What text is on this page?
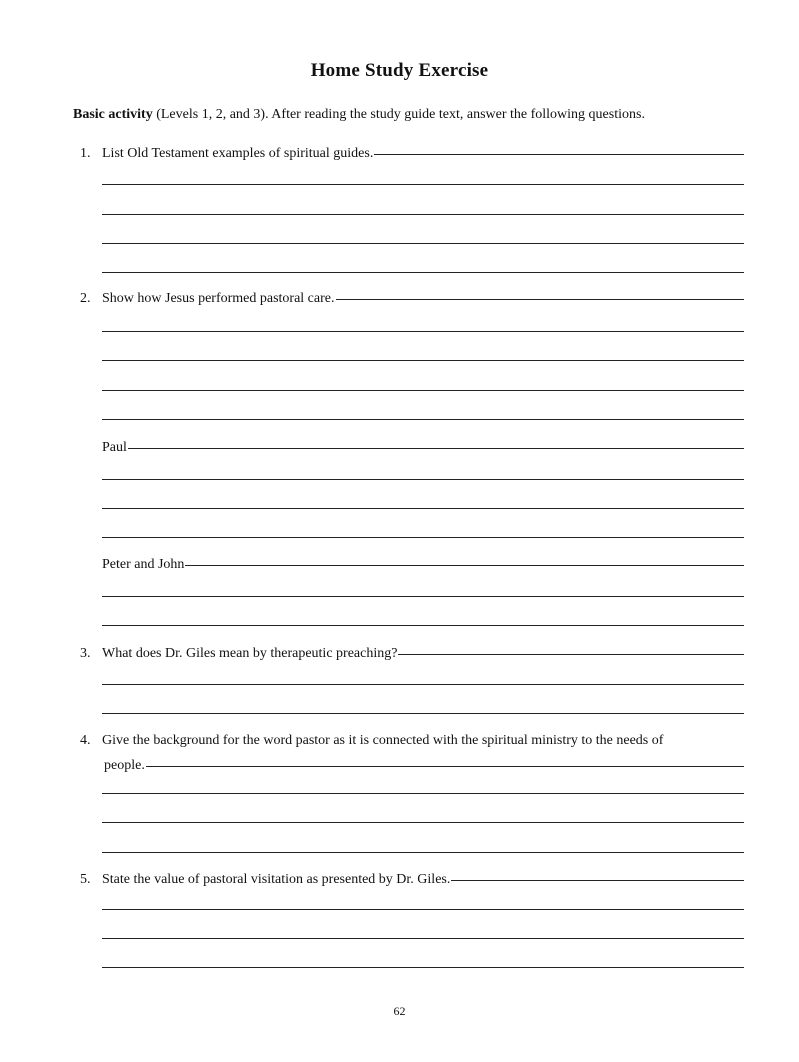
Home Study Exercise
Basic activity (Levels 1, 2, and 3). After reading the study guide text, answer the following questions.
1. List Old Testament examples of spiritual guides.
2. Show how Jesus performed pastoral care.
Paul
Peter and John
3. What does Dr. Giles mean by therapeutic preaching?
4. Give the background for the word pastor as it is connected with the spiritual ministry to the needs of
people.
5. State the value of pastoral visitation as presented by Dr. Giles.
62
